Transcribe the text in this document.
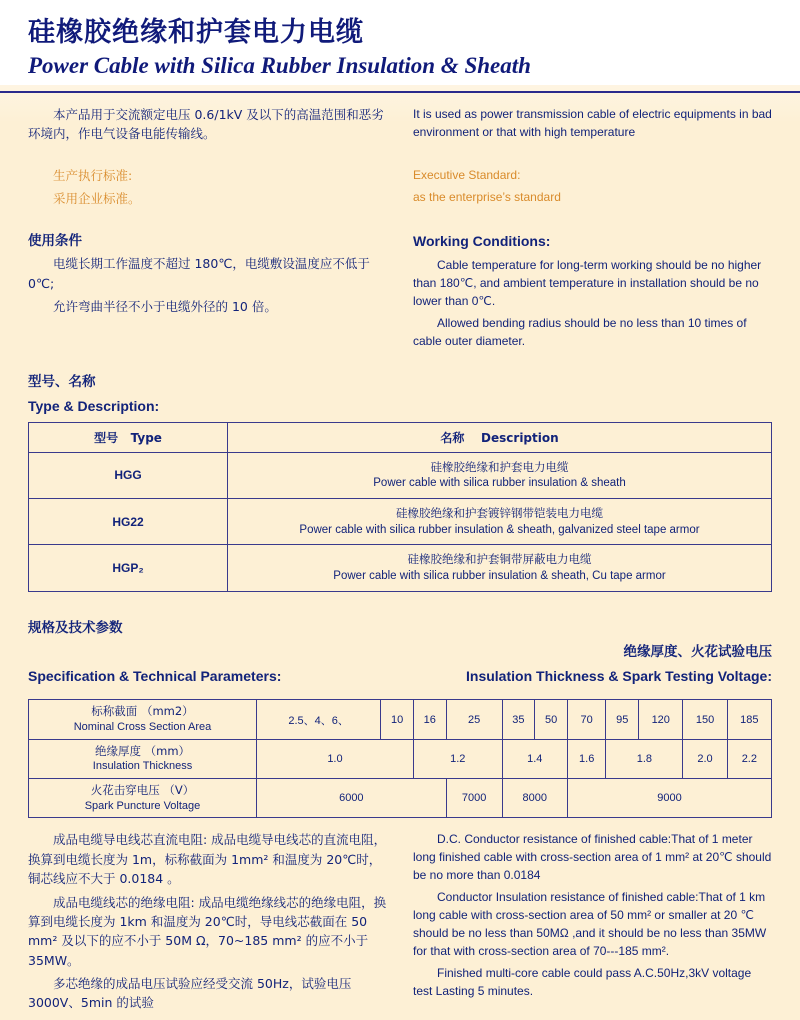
硅橡胶绝缘和护套电力电缆
Power Cable with Silica Rubber Insulation & Sheath

本产品用于交流额定电压 0.6/1kV 及以下的高温范围和恶劣环境内，作电气设备电能传输线。

It is used as power transmission cable of electric equipments in bad environment or that with high temperature

生产执行标准:

采用企业标准。

Executive Standard:

as the enterprise’s standard

使用条件

电缆长期工作温度不超过 180℃，电缆敷设温度应不低于 0℃;

允许弯曲半径不小于电缆外径的 10 倍。

Working Conditions:

Cable temperature for long-term working should be no higher than 180℃, and ambient temperature in installation should be no lower than 0℃.

Allowed bending radius should be no less than 10 times of cable outer diameter.

型号、名称

Type & Description:

型号 Type	名称 Description
HGG	硅橡胶绝缘和护套电力电缆
Power cable with silica rubber insulation & sheath

HG22	硅橡胶绝缘和护套镀锌钢带铠装电力电缆
Power cable with silica rubber insulation & sheath, galvanized steel tape armor

HGP₂	硅橡胶绝缘和护套铜带屏蔽电力电缆
Power cable with silica rubber insulation & sheath, Cu tape armor

规格及技术参数

Specification & Technical Parameters:

绝缘厚度、火花试验电压

Insulation Thickness & Spark Testing Voltage:

标称截面 （mm2）
Nominal Cross Section Area	2.5、4、6、	10	16	25	35	50	70	95	120	150	185

绝缘厚度 （mm）
Insulation Thickness	1.0		1.2		1.4		1.6	1.8		2.0	2.2

火花击穿电压 （V）
Spark Puncture Voltage	6000			7000	8000		9000				

成品电缆导电线芯直流电阻: 成品电缆导电线芯的直流电阻，换算到电缆长度为 1m，标称截面为 1mm² 和温度为 20℃时，铜芯线应不大于 0.0184 。

成品电缆线芯的绝缘电阻: 成品电缆绝缘线芯的绝缘电阻，换算到电缆长度为 1km 和温度为 20℃时，导电线芯截面在 50 mm² 及以下的应不小于 50M Ω，70~185 mm² 的应不小于 35MW。

多芯绝缘的成品电压试验应经受交流 50Hz，试验电压 3000V、5min 的试验

D.C. Conductor resistance of finished cable:That of 1 meter long finished cable with cross-section area of 1 mm² at 20℃ should be no more than 0.0184

Conductor Insulation resistance of finished cable:That of 1 km long cable with cross-section area of 50 mm² or smaller at 20 ℃ should be no less than 50MΩ ,and it should be no less than 35MW for that with cross-section area of 70---185 mm².

Finished multi-core cable could pass A.C.50Hz,3kV voltage test Lasting 5 minutes.
